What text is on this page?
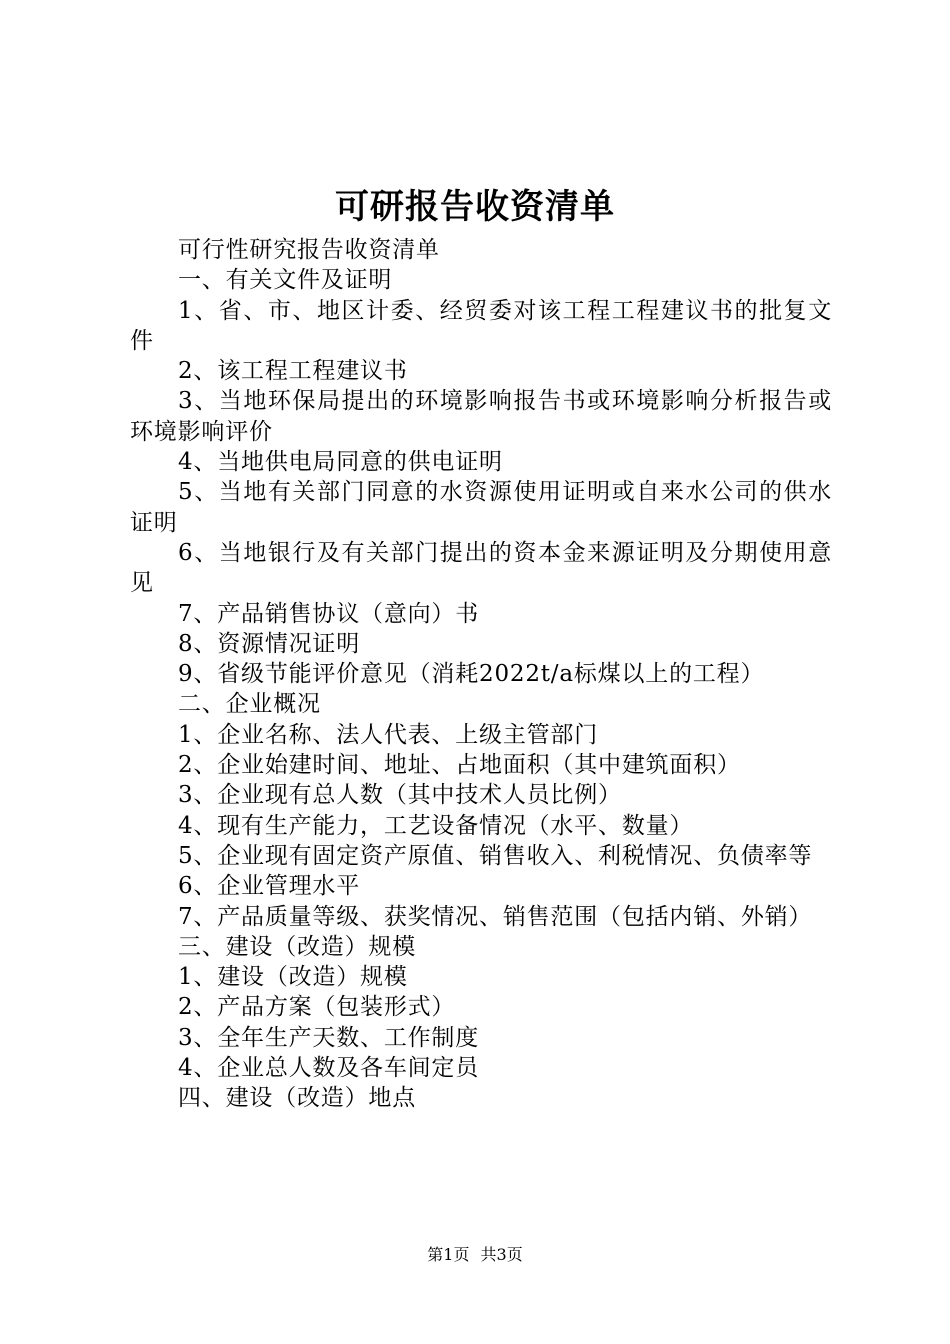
可研报告收资清单

可行性研究报告收资清单

一、有关文件及证明

1、省、市、地区计委、经贸委对该工程工程建议书的批复文件

2、该工程工程建议书

3、当地环保局提出的环境影响报告书或环境影响分析报告或环境影响评价

4、当地供电局同意的供电证明

5、当地有关部门同意的水资源使用证明或自来水公司的供水证明

6、当地银行及有关部门提出的资本金来源证明及分期使用意见

7、产品销售协议（意向）书

8、资源情况证明

9、省级节能评价意见（消耗2022t/a标煤以上的工程）

二、企业概况

1、企业名称、法人代表、上级主管部门

2、企业始建时间、地址、占地面积（其中建筑面积）

3、企业现有总人数（其中技术人员比例）

4、现有生产能力，工艺设备情况（水平、数量）

5、企业现有固定资产原值、销售收入、利税情况、负债率等

6、企业管理水平

7、产品质量等级、获奖情况、销售范围（包括内销、外销）

三、建设（改造）规模

1、建设（改造）规模

2、产品方案（包装形式）

3、全年生产天数、工作制度

4、企业总人数及各车间定员

四、建设（改造）地点

第1页 共3页
